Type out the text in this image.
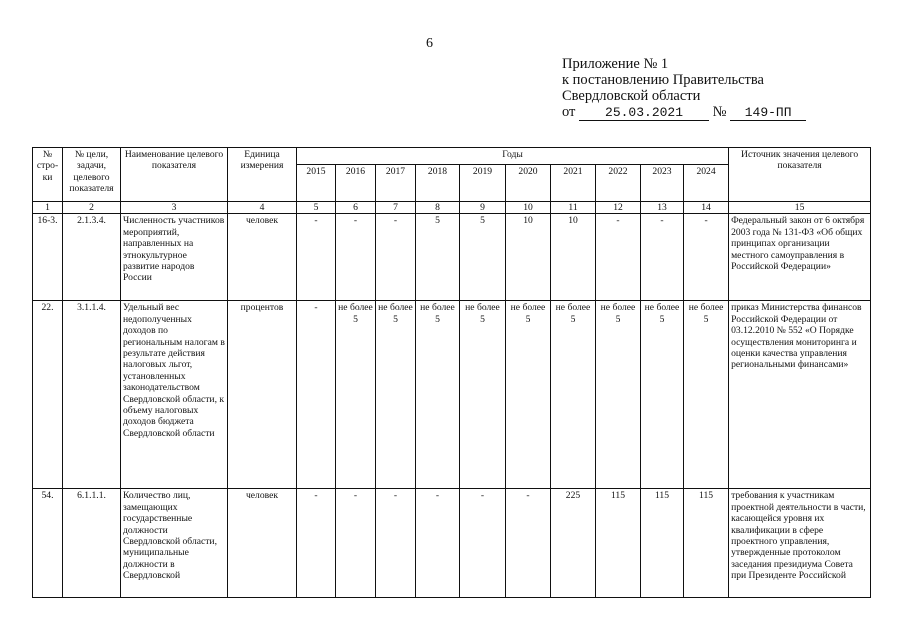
6
Приложение № 1
к постановлению Правительства
Свердловской области
от 25.03.2021 № 149-ПП
№ стро-ки	№ цели, задачи, целевого показателя	Наименование целевого показателя	Единица измерения	Годы										Источник значения целевого показателя
				2015	2016	2017	2018	2019	2020	2021	2022	2023	2024	
1	2	3	4	5	6	7	8	9	10	11	12	13	14	15
16-3.	2.1.3.4.	Численность участников мероприятий, направленных на этнокультурное развитие народов России	человек	-	-	-	5	5	10	10	-	-	-	Федеральный закон от 6 октября 2003 года № 131-ФЗ «Об общих принципах организации местного самоуправления в Российской Федерации»
22.	3.1.1.4.	Удельный вес недополученных доходов по региональным налогам в результате действия налоговых льгот, установленных законодательством Свердловской области, к объему налоговых доходов бюджета Свердловской области	процентов	-	не более 5	не более 5	не более 5	не более 5	не более 5	не более 5	не более 5	не более 5	не более 5	приказ Министерства финансов Российской Федерации от 03.12.2010 № 552 «О Порядке осуществления мониторинга и оценки качества управления региональными финансами»
54.	6.1.1.1.	Количество лиц, замещающих государственные должности Свердловской области, муниципальные должности в Свердловской	человек	-	-	-	-	-	-	225	115	115	115	требования к участникам проектной деятельности в части, касающейся уровня их квалификации в сфере проектного управления, утвержденные протоколом заседания президиума Совета при Президенте Российской
